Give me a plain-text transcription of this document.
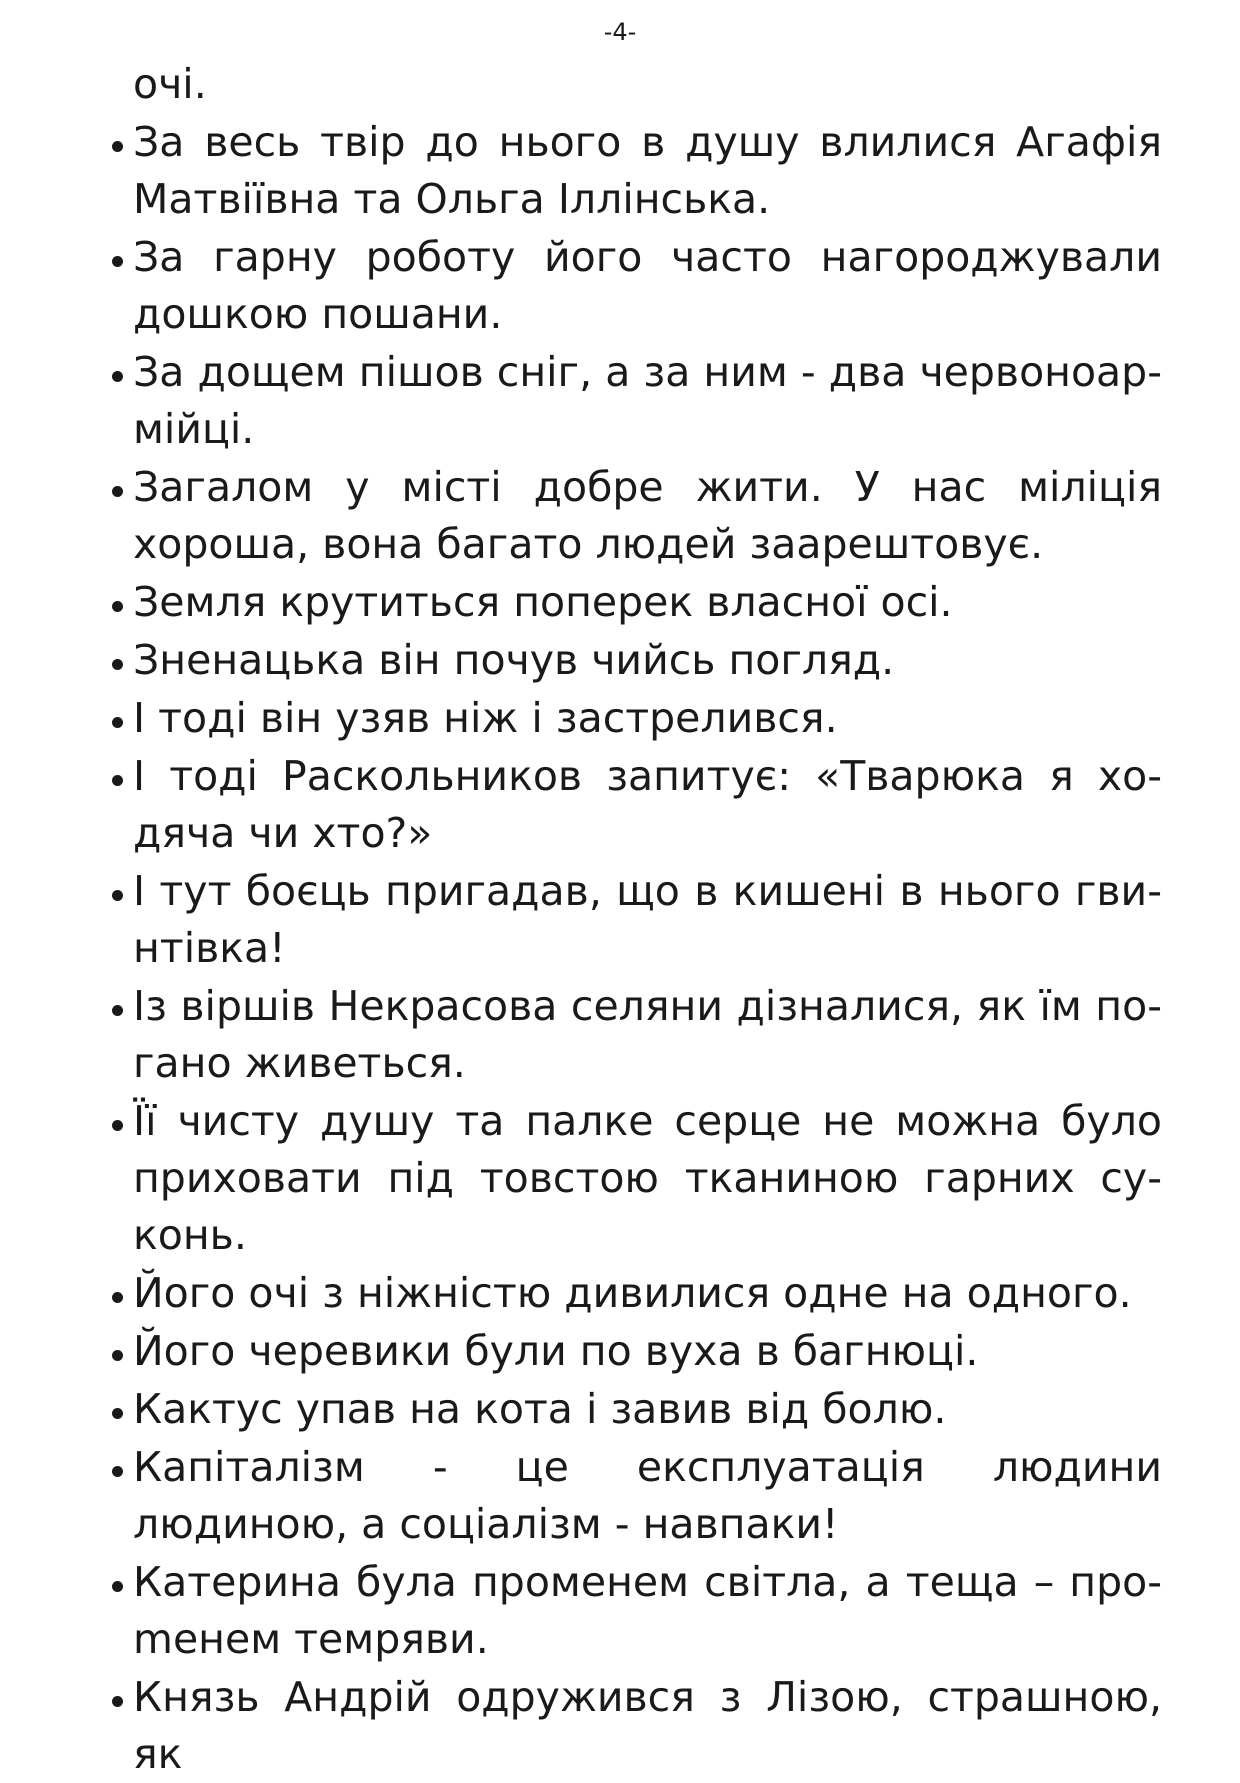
-4-

очі.

За весь твір до нього в душу влилися Агафія Матвіївна та Ольга Іллінська.
За гарну роботу його часто нагороджували дошкою пошани.
За дощем пішов сніг, а за ним - два червоноармійці.
Загалом у місті добре жити. У нас міліція хороша, вона багато людей заарештовує.
Земля крутиться поперек власної осі.
Зненацька він почув чийсь погляд.
І тоді він узяв ніж і застрелився.
І тоді Раскольников запитує: «Тварюка я ходяча чи хто?»
І тут боєць пригадав, що в кишені в нього гвинтівка!
Із віршів Некрасова селяни дізналися, як їм погано живеться.
Її чисту душу та палке серце не можна було приховати під товстою тканиною гарних суконь.
Його очі з ніжністю дивилися одне на одного.
Його черевики були по вуха в багнюці.
Кактус упав на кота і завив від болю.
Капіталізм - це експлуатація людини людиною, а соціалізм - навпаки!
Катерина була променем світла, а теща – проmенем темряви.
Князь Андрій одружився з Лізою, страшною, як
